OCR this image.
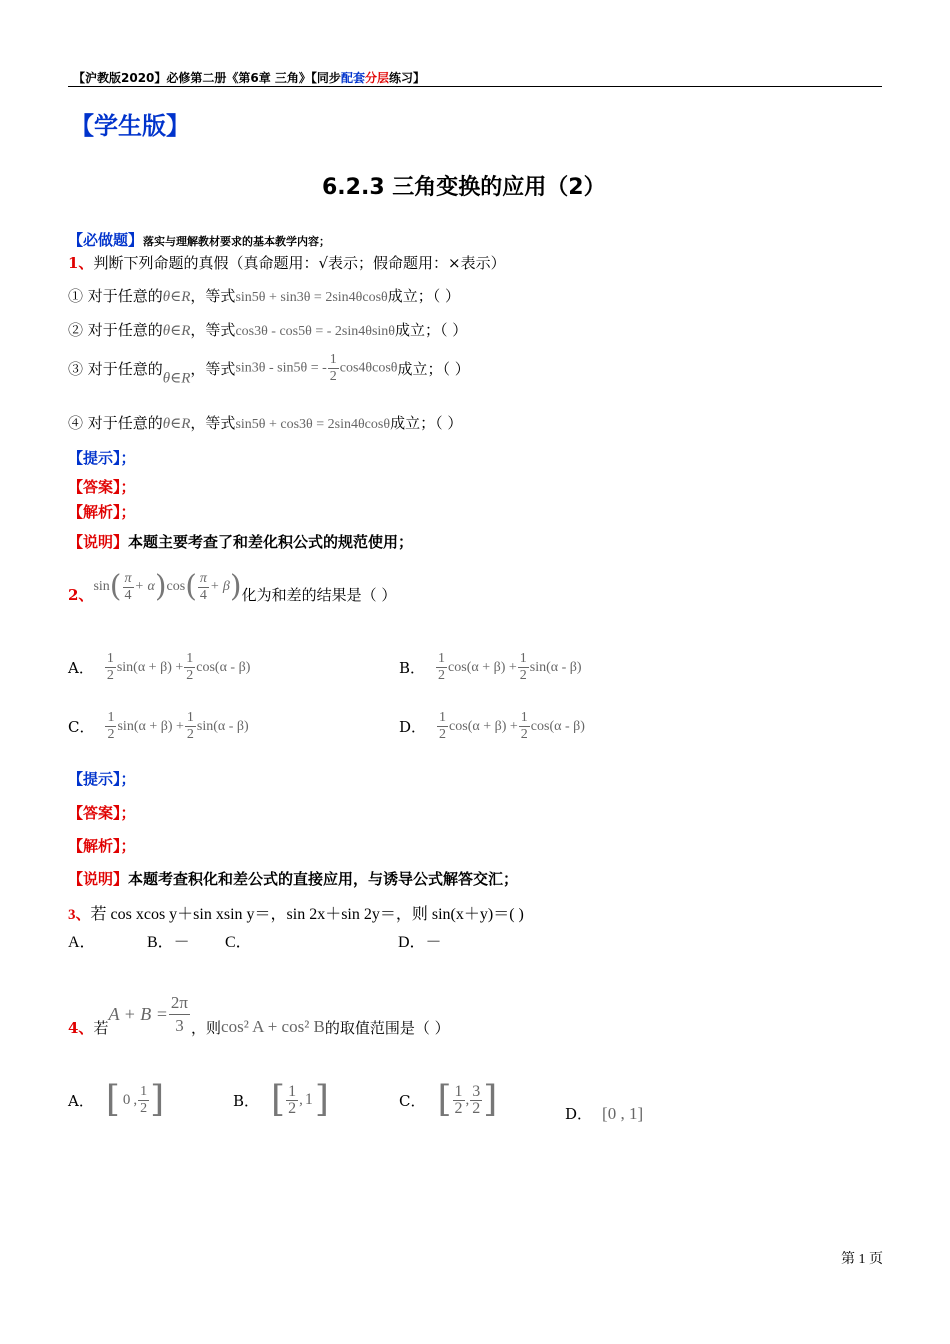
【沪教版2020】必修第二册《第6章 三角》【同步配套分层练习】
【学生版】
6.2.3 三角变换的应用（2）
【必做题】落实与理解教材要求的基本教学内容；
1、判断下列命题的真假（真命题用：√表示；假命题用：×表示）
① 对于任意的θ∈R，等式sin5θ + sin3θ = 2sin4θcosθ成立；（ ）
② 对于任意的θ∈R，等式cos3θ - cos5θ = - 2sin4θsinθ成立；（ ）
③ 对于任意的θ∈R，等式sin3θ - sin5θ = - $\frac{1}{2} \cos 4\theta\cos\theta$成立；（ ）
④ 对于任意的θ∈R，等式sin5θ + cos3θ = 2sin4θcosθ成立；（ ）
【提示】；
【答案】；
【解析】；
【说明】本题主要考查了和差化积公式的规范使用；
2、 sin ( $\frac{\pi}{4} + \alpha$ ) cos ( $\frac{\pi}{4} + \beta$ ) 化为和差的结果是（ ）
A． $\frac{1}{2} \sin(\alpha + \beta) + \frac{1}{2} \cos(\alpha - \beta)$	B． $\frac{1}{2} \cos(\alpha + \beta) + \frac{1}{2} \sin(\alpha - \beta)$
C． $\frac{1}{2} \sin(\alpha + \beta) + \frac{1}{2} \sin(\alpha - \beta)$	D． $\frac{1}{2} \cos(\alpha + \beta) + \frac{1}{2} \cos(\alpha - \beta)$
【提示】；
【答案】；
【解析】；
【说明】本题考查积化和差公式的直接应用，与诱导公式解答交汇；
3、若 cos xcos y＋sin xsin y＝，sin 2x＋sin 2y＝，则 sin(x＋y)＝( )
A．	B．－ C．	D．－
4、 若
$A + B = \frac{2\pi}{3}$ ，则 cos² A + cos² B 的取值范围是（ ）
A． [ 0 , $\frac{1}{2}$ ]	B． [ $\frac{1}{2}$ , 1 ]	C． [ $\frac{1}{2}$ , $\frac{3}{2}$ ]	D． [0 , 1]
第 1 页
